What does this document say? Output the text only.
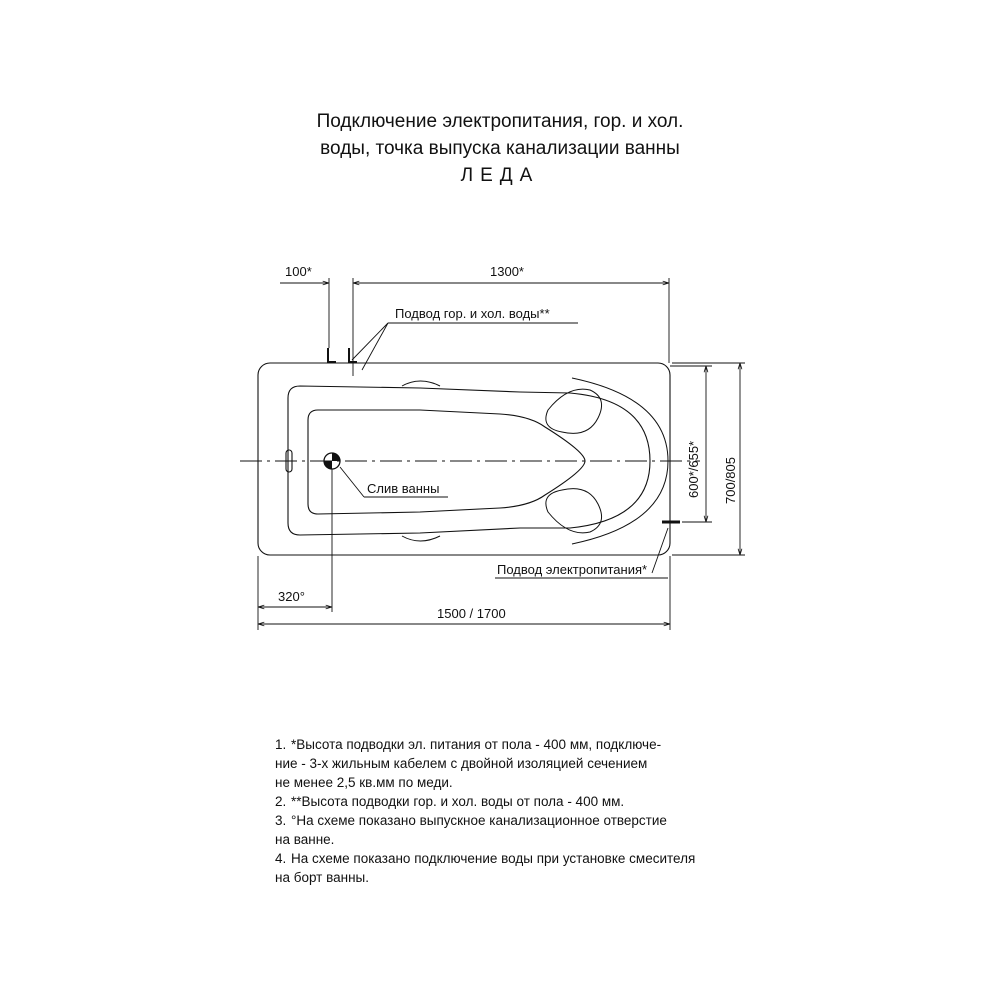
Подключение электропитания, гор. и хол.
воды, точка выпуска канализации ванны
ЛЕДА
100*	1300*
Подвод гор. и хол. воды**
Слив ванны
Подвод электропитания*
600*/655* 700/805
320°
1500 / 1700

1. *Высота подводки эл. питания от пола - 400 мм, подключе-

ние - 3-х жильным кабелем с двойной изоляцией сечением

не менее 2,5 кв.мм по меди.

2. **Высота подводки гор. и хол. воды от пола - 400 мм.

3. °На схеме показано выпускное канализационное отверстие

на ванне.

4. На схеме показано подключение воды при установке смесителя

на борт ванны.
